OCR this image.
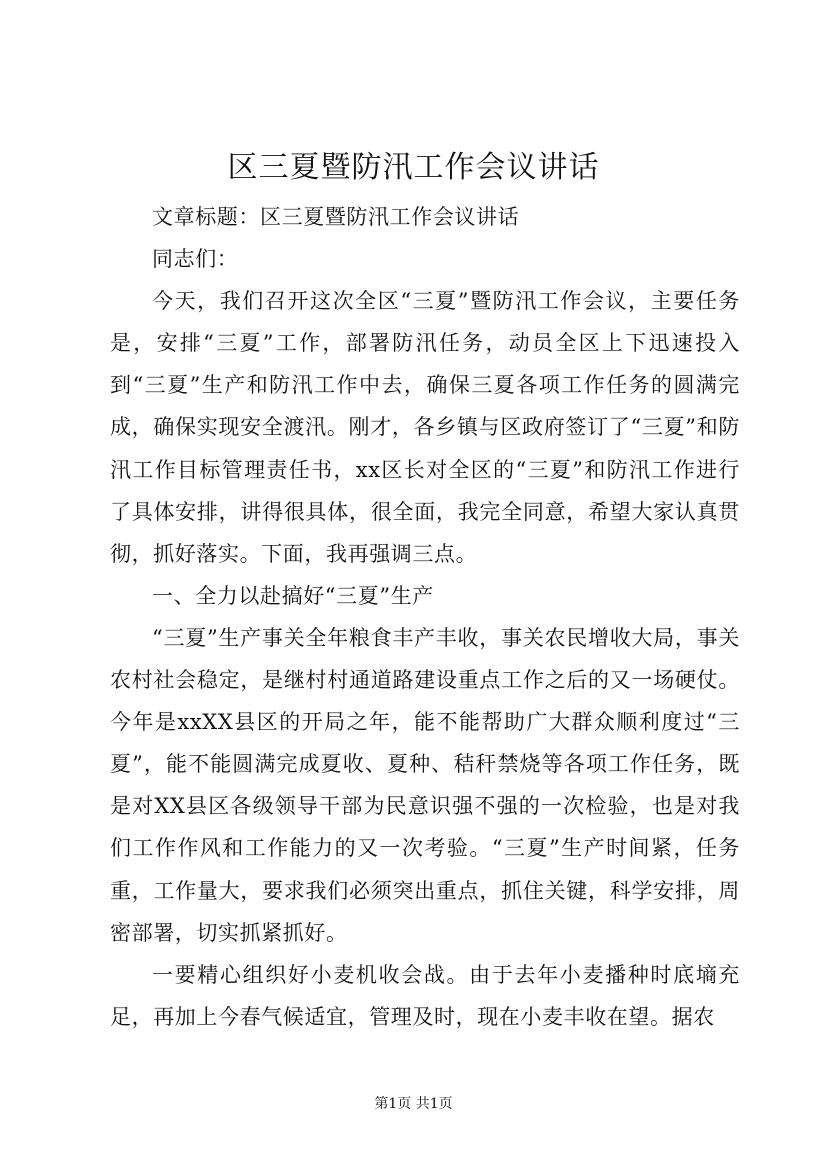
区三夏暨防汛工作会议讲话

文章标题：区三夏暨防汛工作会议讲话

同志们：

今天，我们召开这次全区“三夏”暨防汛工作会议，主要任务是，安排“三夏”工作，部署防汛任务，动员全区上下迅速投入到“三夏”生产和防汛工作中去，确保三夏各项工作任务的圆满完成，确保实现安全渡汛。刚才，各乡镇与区政府签订了“三夏”和防汛工作目标管理责任书，xx区长对全区的“三夏”和防汛工作进行了具体安排，讲得很具体，很全面，我完全同意，希望大家认真贯彻，抓好落实。下面，我再强调三点。

一、全力以赴搞好“三夏”生产

“三夏”生产事关全年粮食丰产丰收，事关农民增收大局，事关农村社会稳定，是继村村通道路建设重点工作之后的又一场硬仗。今年是xxXX县区的开局之年，能不能帮助广大群众顺利度过“三夏”，能不能圆满完成夏收、夏种、秸秆禁烧等各项工作任务，既是对XX县区各级领导干部为民意识强不强的一次检验，也是对我们工作作风和工作能力的又一次考验。“三夏”生产时间紧，任务重，工作量大，要求我们必须突出重点，抓住关键，科学安排，周密部署，切实抓紧抓好。

一要精心组织好小麦机收会战。由于去年小麦播种时底墒充足，再加上今春气候适宜，管理及时，现在小麦丰收在望。据农

第1页 共1页
